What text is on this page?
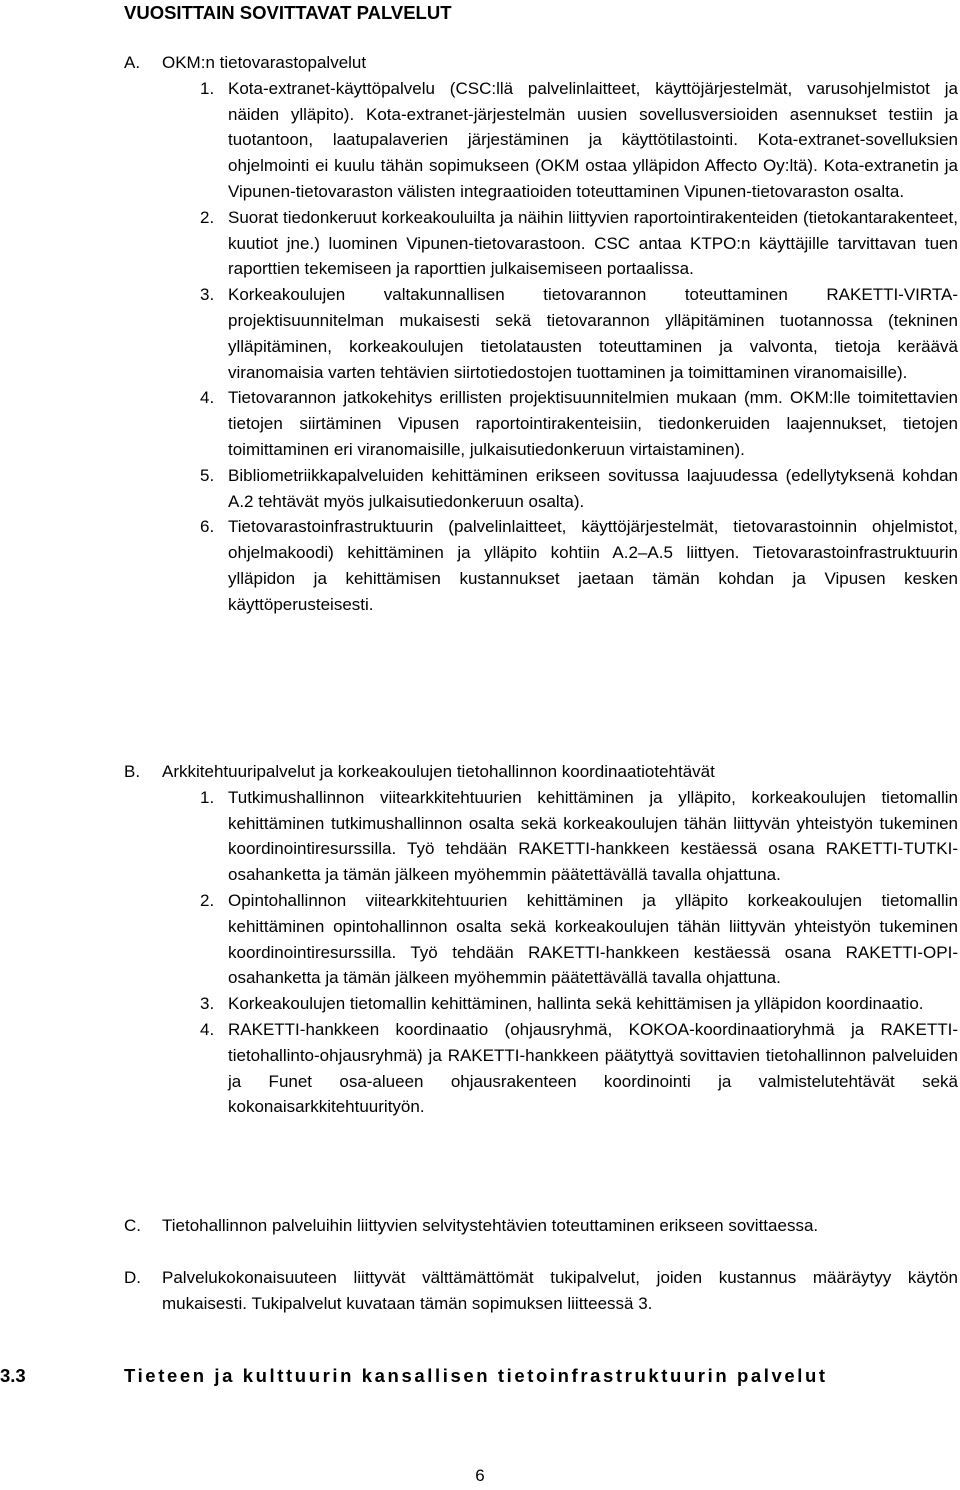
VUOSITTAIN SOVITTAVAT PALVELUT
A. OKM:n tietovarastopalvelut
1. Kota-extranet-käyttöpalvelu (CSC:llä palvelinlaitteet, käyttöjärjestelmät, varusohjelmistot ja näiden ylläpito). Kota-extranet-järjestelmän uusien sovellusversioiden asennukset testiin ja tuotantoon, laatupalaverien järjestäminen ja käyttötilastointi. Kota-extranet-sovelluksien ohjelmointi ei kuulu tähän sopimukseen (OKM ostaa ylläpidon Affecto Oy:ltä). Kota-extranetin ja Vipunen-tietovaraston välisten integraatioiden toteuttaminen Vipunen-tietovaraston osalta.
2. Suorat tiedonkeruut korkeakouluilta ja näihin liittyvien raportointirakenteiden (tietokantarakenteet, kuutiot jne.) luominen Vipunen-tietovarastoon. CSC antaa KTPO:n käyttäjille tarvittavan tuen raporttien tekemiseen ja raporttien julkaisemiseen portaalissa.
3. Korkeakoulujen valtakunnallisen tietovarannon toteuttaminen RAKETTI-VIRTA-projektisuunnitelman mukaisesti sekä tietovarannon ylläpitäminen tuotannossa (tekninen ylläpitäminen, korkeakoulujen tietolatausten toteuttaminen ja valvonta, tietoja keräävä viranomaisia varten tehtävien siirtotiedostojen tuottaminen ja toimittaminen viranomaisille).
4. Tietovarannon jatkokehitys erillisten projektisuunnitelmien mukaan (mm. OKM:lle toimitettavien tietojen siirtäminen Vipusen raportointirakenteisiin, tiedonkeruiden laajennukset, tietojen toimittaminen eri viranomaisille, julkaisutiedonkeruun virtaistaminen).
5. Bibliometriikkapalveluiden kehittäminen erikseen sovitussa laajuudessa (edellytyksenä kohdan A.2 tehtävät myös julkaisutiedonkeruun osalta).
6. Tietovarastoinfrastruktuurin (palvelinlaitteet, käyttöjärjestelmät, tietovarastoinnin ohjelmistot, ohjelmakoodi) kehittäminen ja ylläpito kohtiin A.2–A.5 liittyen. Tietovarastoinfrastruktuurin ylläpidon ja kehittämisen kustannukset jaetaan tämän kohdan ja Vipusen kesken käyttöperusteisesti.
B. Arkkitehtuuripalvelut ja korkeakoulujen tietohallinnon koordinaatiotehtävät
1. Tutkimushallinnon viitearkkitehtuurien kehittäminen ja ylläpito, korkeakoulujen tietomallin kehittäminen tutkimushallinnon osalta sekä korkeakoulujen tähän liittyvän yhteistyön tukeminen koordinointiresurssilla. Työ tehdään RAKETTI-hankkeen kestäessä osana RAKETTI-TUTKI-osahanketta ja tämän jälkeen myöhemmin päätettävällä tavalla ohjattuna.
2. Opintohallinnon viitearkkitehtuurien kehittäminen ja ylläpito korkeakoulujen tietomallin kehittäminen opintohallinnon osalta sekä korkeakoulujen tähän liittyvän yhteistyön tukeminen koordinointiresurssilla. Työ tehdään RAKETTI-hankkeen kestäessä osana RAKETTI-OPI-osahanketta ja tämän jälkeen myöhemmin päätettävällä tavalla ohjattuna.
3. Korkeakoulujen tietomallin kehittäminen, hallinta sekä kehittämisen ja ylläpidon koordinaatio.
4. RAKETTI-hankkeen koordinaatio (ohjausryhmä, KOKOA-koordinaatioryhmä ja RAKETTI-tietohallinto-ohjausryhmä) ja RAKETTI-hankkeen päätyttyä sovittavien tietohallinnon palveluiden ja Funet osa-alueen ohjausrakenteen koordinointi ja valmistelutehtävät sekä kokonaisarkkitehtuurityön.
C. Tietohallinnon palveluihin liittyvien selvitystehtävien toteuttaminen erikseen sovittaessa.
D. Palvelukokonaisuuteen liittyvät välttämättömät tukipalvelut, joiden kustannus määräytyy käytön mukaisesti. Tukipalvelut kuvataan tämän sopimuksen liitteessä 3.
3.3	Tieteen ja kulttuurin kansallisen tietoinfrastruktuurin palvelut
6
